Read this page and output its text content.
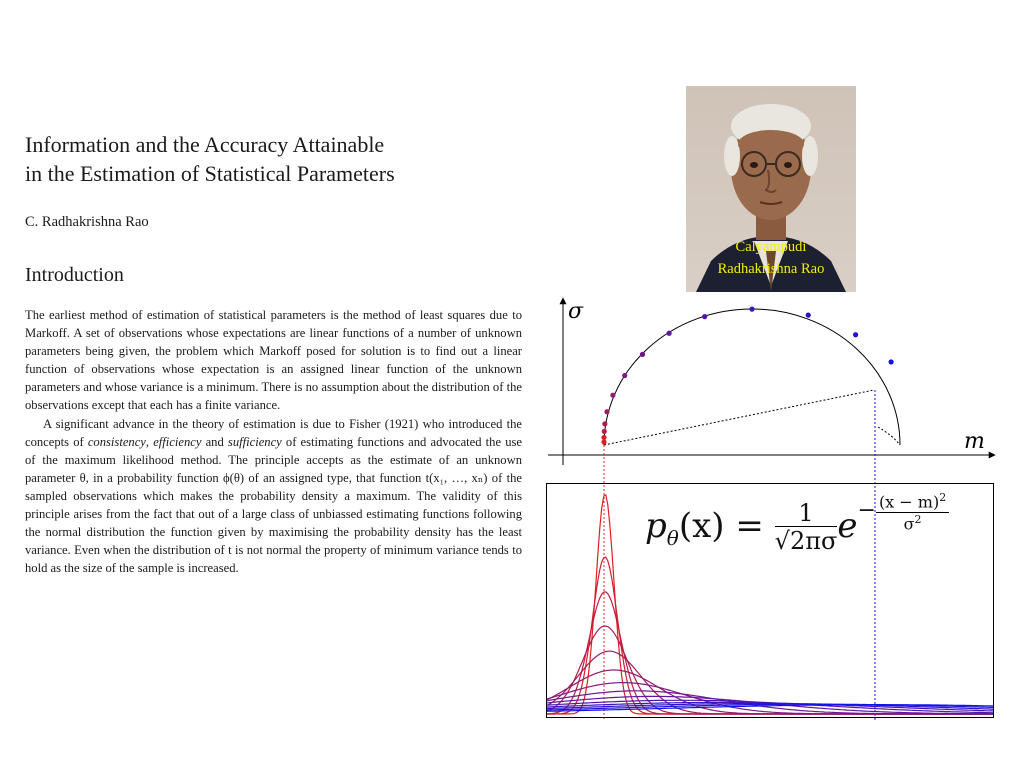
Information and the Accuracy Attainable
in the Estimation of Statistical Parameters
C. Radhakrishna Rao
Introduction

The earliest method of estimation of statistical parameters is the method of least squares due to Markoff. A set of observations whose expectations are linear functions of a number of unknown parameters being given, the problem which Markoff posed for solution is to find out a linear function of observations whose expectation is an assigned linear function of the unknown parameters and whose variance is a minimum. There is no assumption about the distribution of the observations except that each has a finite variance.

A significant advance in the theory of estimation is due to Fisher (1921) who introduced the concepts of consistency, efficiency and sufficiency of estimating functions and advocated the use of the maximum likelihood method. The principle accepts as the estimate of an unknown parameter θ, in a probability function ϕ(θ) of an assigned type, that function t(x₁, …, xₙ) of the sampled observations which makes the probability density a maximum. The validity of this principle arises from the fact that out of a large class of unbiassed estimating functions following the normal distribution the function given by maximising the probability density has the least variance. Even when the distribution of t is not normal the property of minimum variance tends to hold as the size of the sample is increased.

Calyampudi
Radhakrishna Rao
σ
m
$p_\theta(x) = \frac{1}{√2\pi\sigma} e- \frac{(x - m)^2}{\sigma^2}$
